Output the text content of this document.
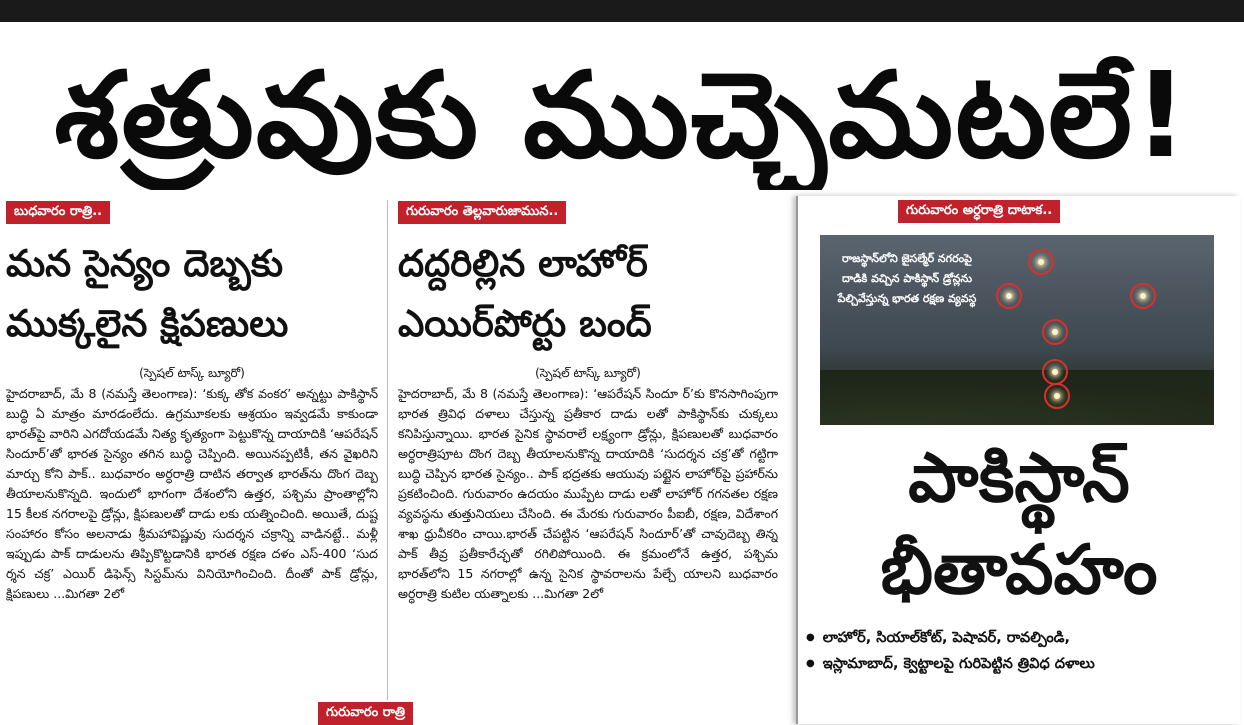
శత్రువుకు ముచ్చెమటలే!
బుధవారం రాత్రి..
మన సైన్యం దెబ్బకు
ముక్కలైన క్షిపణులు
(స్పెషల్‌ టాస్క్‌ బ్యూరో)
హైదరాబాద్‌, మే 8 (నమస్తే తెలంగాణ): ‘కుక్క తోక వంకర’ అన్నట్టు పాకిస్థాన్‌ బుద్ధి ఏ మాత్రం మారడంలేదు. ఉగ్రమూకలకు ఆశ్రయం ఇవ్వడమే కాకుండా భారత్‌పై వారిని ఎగదోయడమే నిత్య కృత్యంగా పెట్టుకొన్న దాయాదికి ‘ఆపరేషన్‌ సిందూర్‌’తో భారత సైన్యం తగిన బుద్ధి చెప్పింది. అయినప్పటికీ, తన వైఖరిని మార్చు కోని పాక్‌.. బుధవారం అర్ధరాత్రి దాటిన తర్వాత భారత్‌ను దొంగ దెబ్బ తీయాలనుకొన్నది. ఇందులో భాగంగా దేశంలోని ఉత్తర, పశ్చిమ ప్రాంతాల్లోని 15 కీలక నగరాలపై డ్రోన్లు, క్షిపణులతో దాడు లకు యత్నించింది. అయితే, దుష్ట సంహారం కోసం అలనాడు శ్రీమహావిష్ణువు సుదర్శన చక్రాన్ని వాడినట్టే.. మళ్లీ ఇప్పుడు పాక్‌ దాడులను తిప్పికొట్టడానికి భారత రక్షణ దళం ఎస్‌-400 ‘సుద ర్శన చక్ర’ ఎయిర్‌ డిఫెన్స్‌ సిస్టమ్‌ను వినియోగించింది. దీంతో పాక్‌ డ్రోన్లు, క్షిపణులు ...మిగతా 2లో
గురువారం తెల్లవారుజామున..
దద్దరిల్లిన లాహోర్‌
ఎయిర్‌పోర్టు బంద్‌
(స్పెషల్‌ టాస్క్‌ బ్యూరో)
హైదరాబాద్‌, మే 8 (నమస్తే తెలంగాణ): ‘ఆపరేషన్‌ సిందూ ర్‌’కు కొనసాగింపుగా భారత త్రివిధ దళాలు చేస్తున్న ప్రతీకార దాడు లతో పాకిస్థాన్‌కు చుక్కలు కనిపిస్తున్నాయి. భారత సైనిక స్థావరాలే లక్ష్యంగా డ్రోన్లు, క్షిపణులతో బుధవారం అర్ధరాత్రిపూట దొంగ దెబ్బ తీయాలనుకొన్న దాయాదికి ‘సుదర్శన చక్ర’తో గట్టిగా బుద్ధి చెప్పిన భారత సైన్యం.. పాక్‌ భద్రతకు ఆయువు పట్టైన లాహోర్‌పై ప్రహార్‌ను ప్రకటించింది. గురువారం ఉదయం ముప్పేట దాడు లతో లాహోర్‌ గగనతల రక్షణ వ్యవస్థను తుత్తునియలు చేసింది. ఈ మేరకు గురువారం పీఐబీ, రక్షణ, విదేశాంగ శాఖ ధ్రువీకరిం చాయి.భారత్‌ చేపట్టిన ‘ఆపరేషన్‌ సిందూర్‌’తో చావుదెబ్బ తిన్న పాక్‌ తీవ్ర ప్రతీకారేచ్ఛతో రగిలిపోయింది. ఈ క్రమంలోనే ఉత్తర, పశ్చిమ భారత్‌లోని 15 నగరాల్లో ఉన్న సైనిక స్థావరాలను పేల్చే యాలని బుధవారం అర్ధరాత్రి కుటిల యత్నాలకు ...మిగతా 2లో
గురువారం అర్ధరాత్రి దాటాక..
రాజస్థాన్‌లోని జైసల్మేర్‌ నగరంపై దాడికి వచ్చిన పాకిస్థాన్‌ డ్రోన్లను పేల్చివేస్తున్న భారత రక్షణ వ్యవస్థ
పాకిస్థాన్‌
భీతావహం
● లాహోర్‌, సియాల్‌కోట్‌, పెషావర్‌, రావల్పిండి,
● ఇస్లామాబాద్‌, క్వెట్టాలపై గురిపెట్టిన త్రివిధ దళాలు
గురువారం రాత్రి
